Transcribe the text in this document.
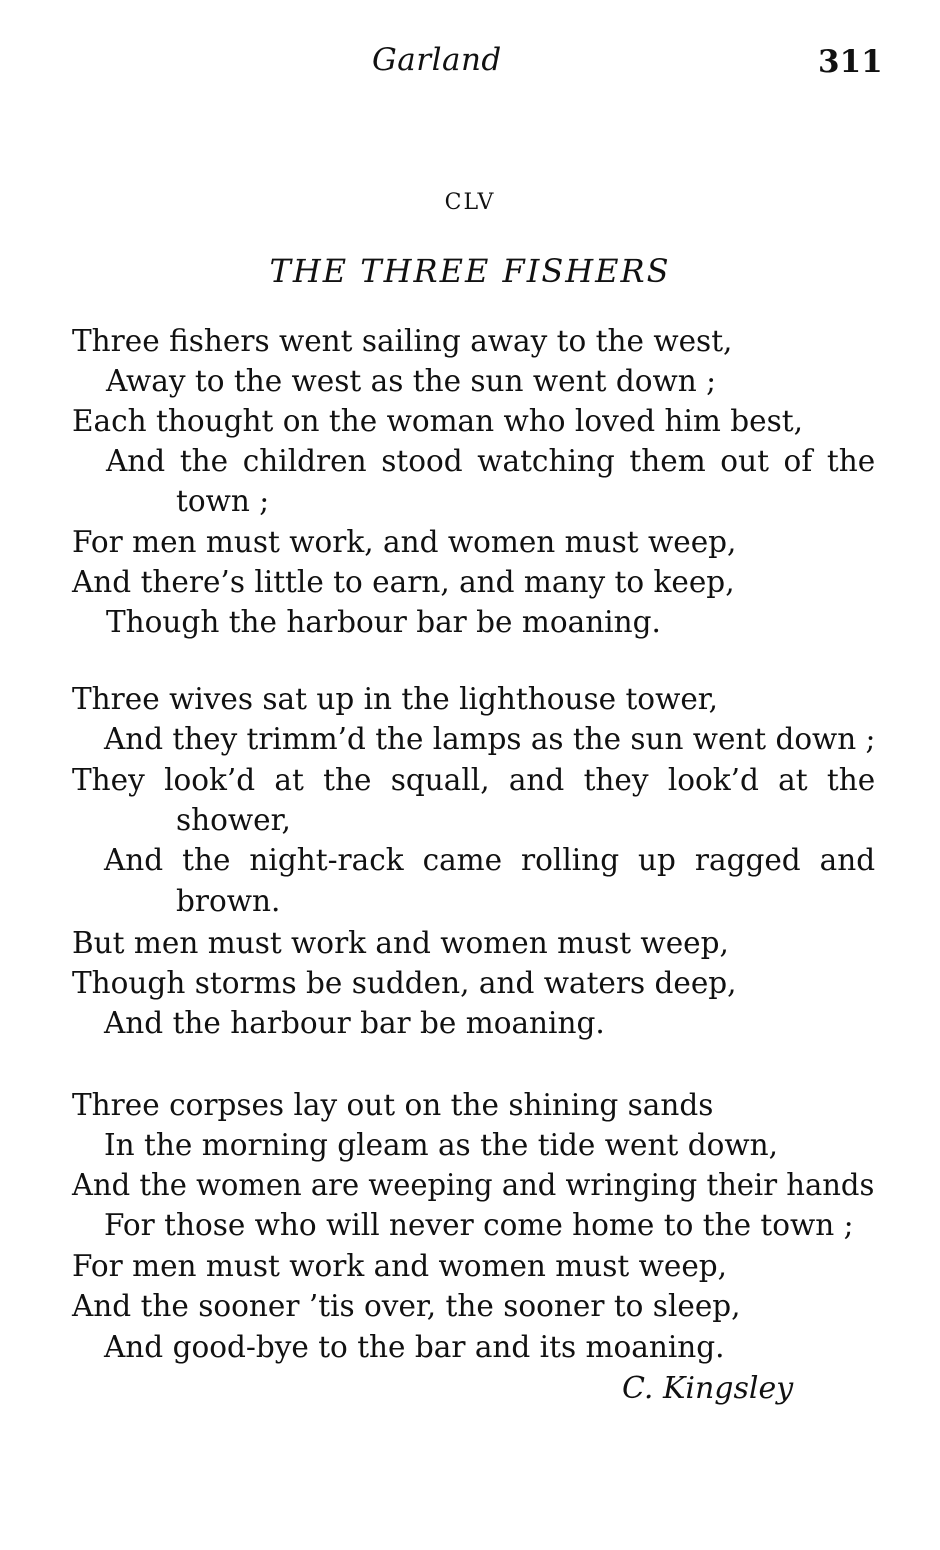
Garland	311
CLV
THE THREE FISHERS
Three fishers went sailing away to the west,
Away to the west as the sun went down ;
Each thought on the woman who loved him best,
And the children stood watching them out of the
town ;
For men must work, and women must weep,
And there’s little to earn, and many to keep,
Though the harbour bar be moaning.
Three wives sat up in the lighthouse tower,
And they trimm’d the lamps as the sun went down ;
They look’d at the squall, and they look’d at the
shower,
And the night-rack came rolling up ragged and
brown.
But men must work and women must weep,
Though storms be sudden, and waters deep,
And the harbour bar be moaning.
Three corpses lay out on the shining sands
In the morning gleam as the tide went down,
And the women are weeping and wringing their hands
For those who will never come home to the town ;
For men must work and women must weep,
And the sooner ’tis over, the sooner to sleep,
And good-bye to the bar and its moaning.
C. Kingsley
